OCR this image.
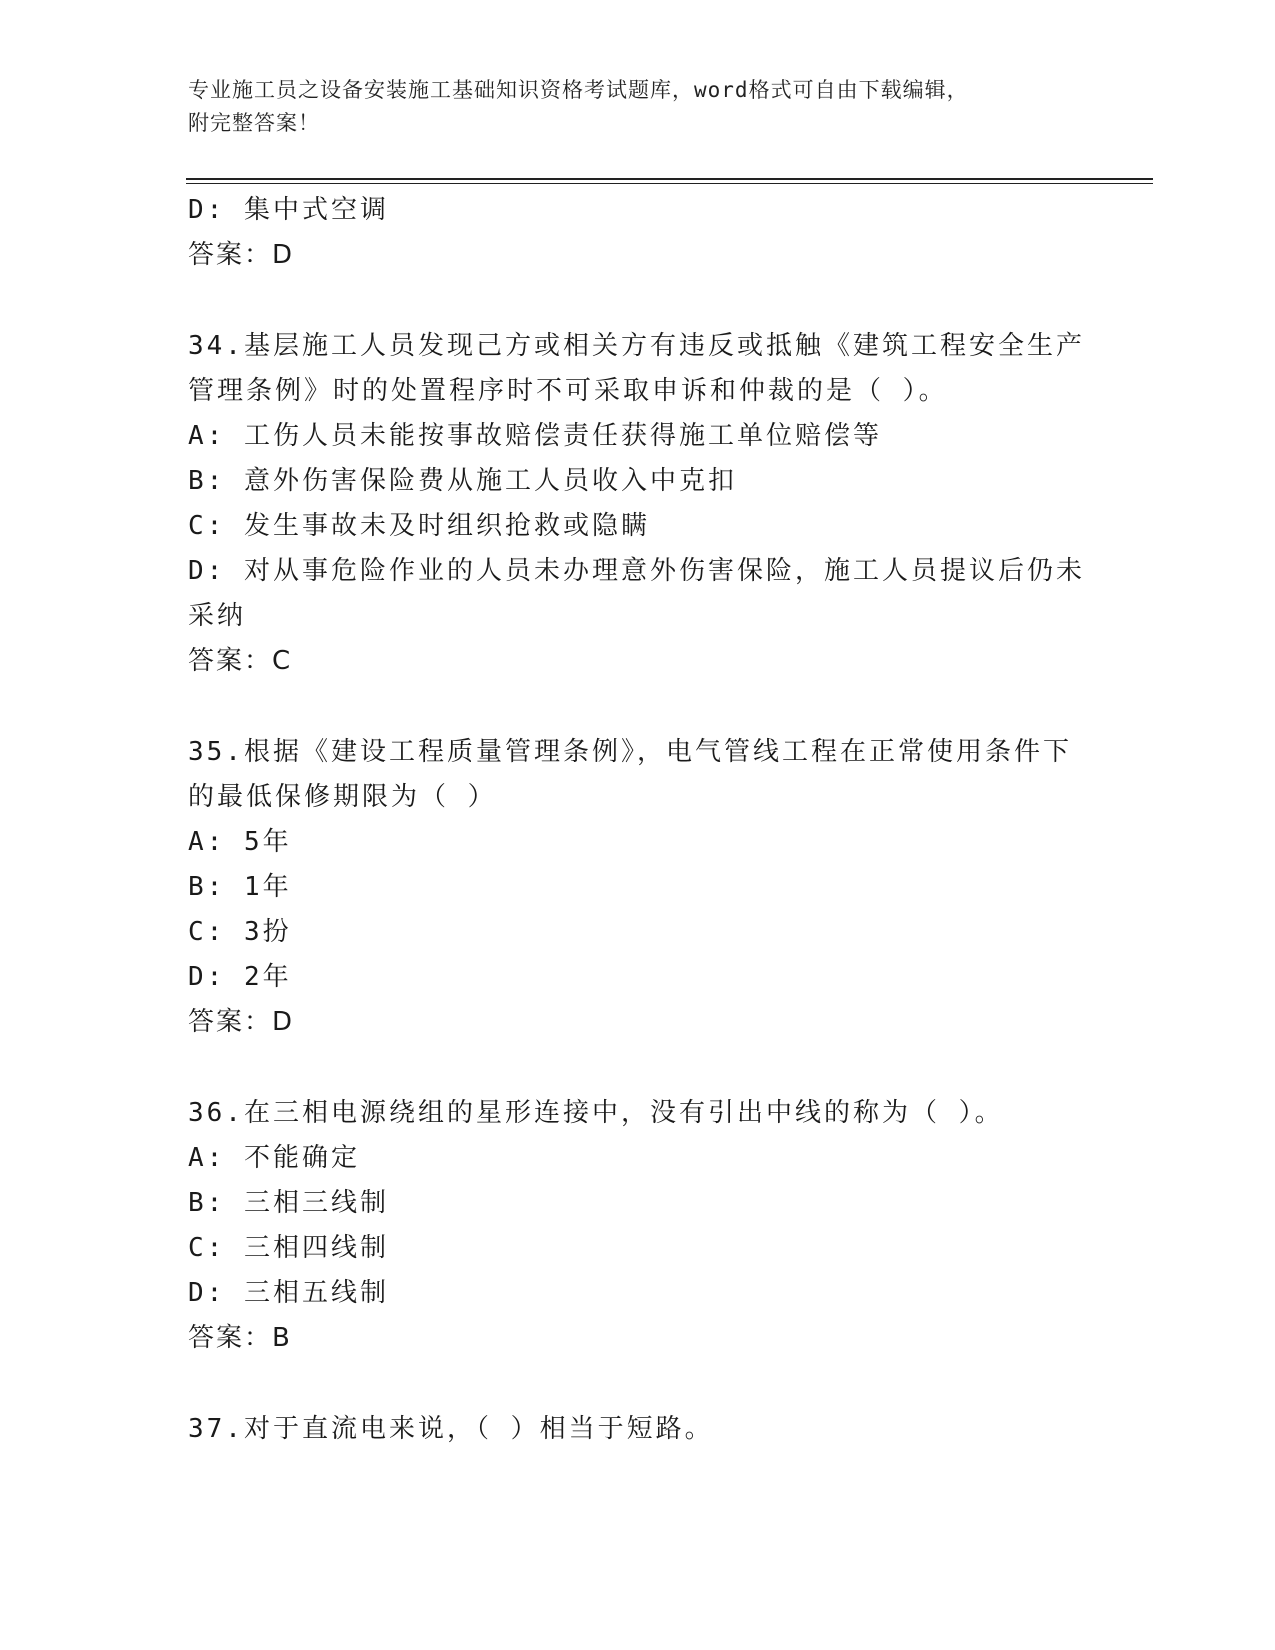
专业施工员之设备安装施工基础知识资格考试题库，word格式可自由下载编辑，
附完整答案！
D: 集中式空调
答案：D
34.基层施工人员发现己方或相关方有违反或抵触《建筑工程安全生产
管理条例》时的处置程序时不可采取申诉和仲裁的是（ ）。
A: 工伤人员未能按事故赔偿责任获得施工单位赔偿等
B: 意外伤害保险费从施工人员收入中克扣
C: 发生事故未及时组织抢救或隐瞒
D: 对从事危险作业的人员未办理意外伤害保险，施工人员提议后仍未
采纳
答案：C
35.根据《建设工程质量管理条例》，电气管线工程在正常使用条件下
的最低保修期限为（ ）
A: 5年
B: 1年
C: 3扮
D: 2年
答案：D
36.在三相电源绕组的星形连接中，没有引出中线的称为（ ）。
A: 不能确定
B: 三相三线制
C: 三相四线制
D: 三相五线制
答案：B
37.对于直流电来说，（ ）相当于短路。
